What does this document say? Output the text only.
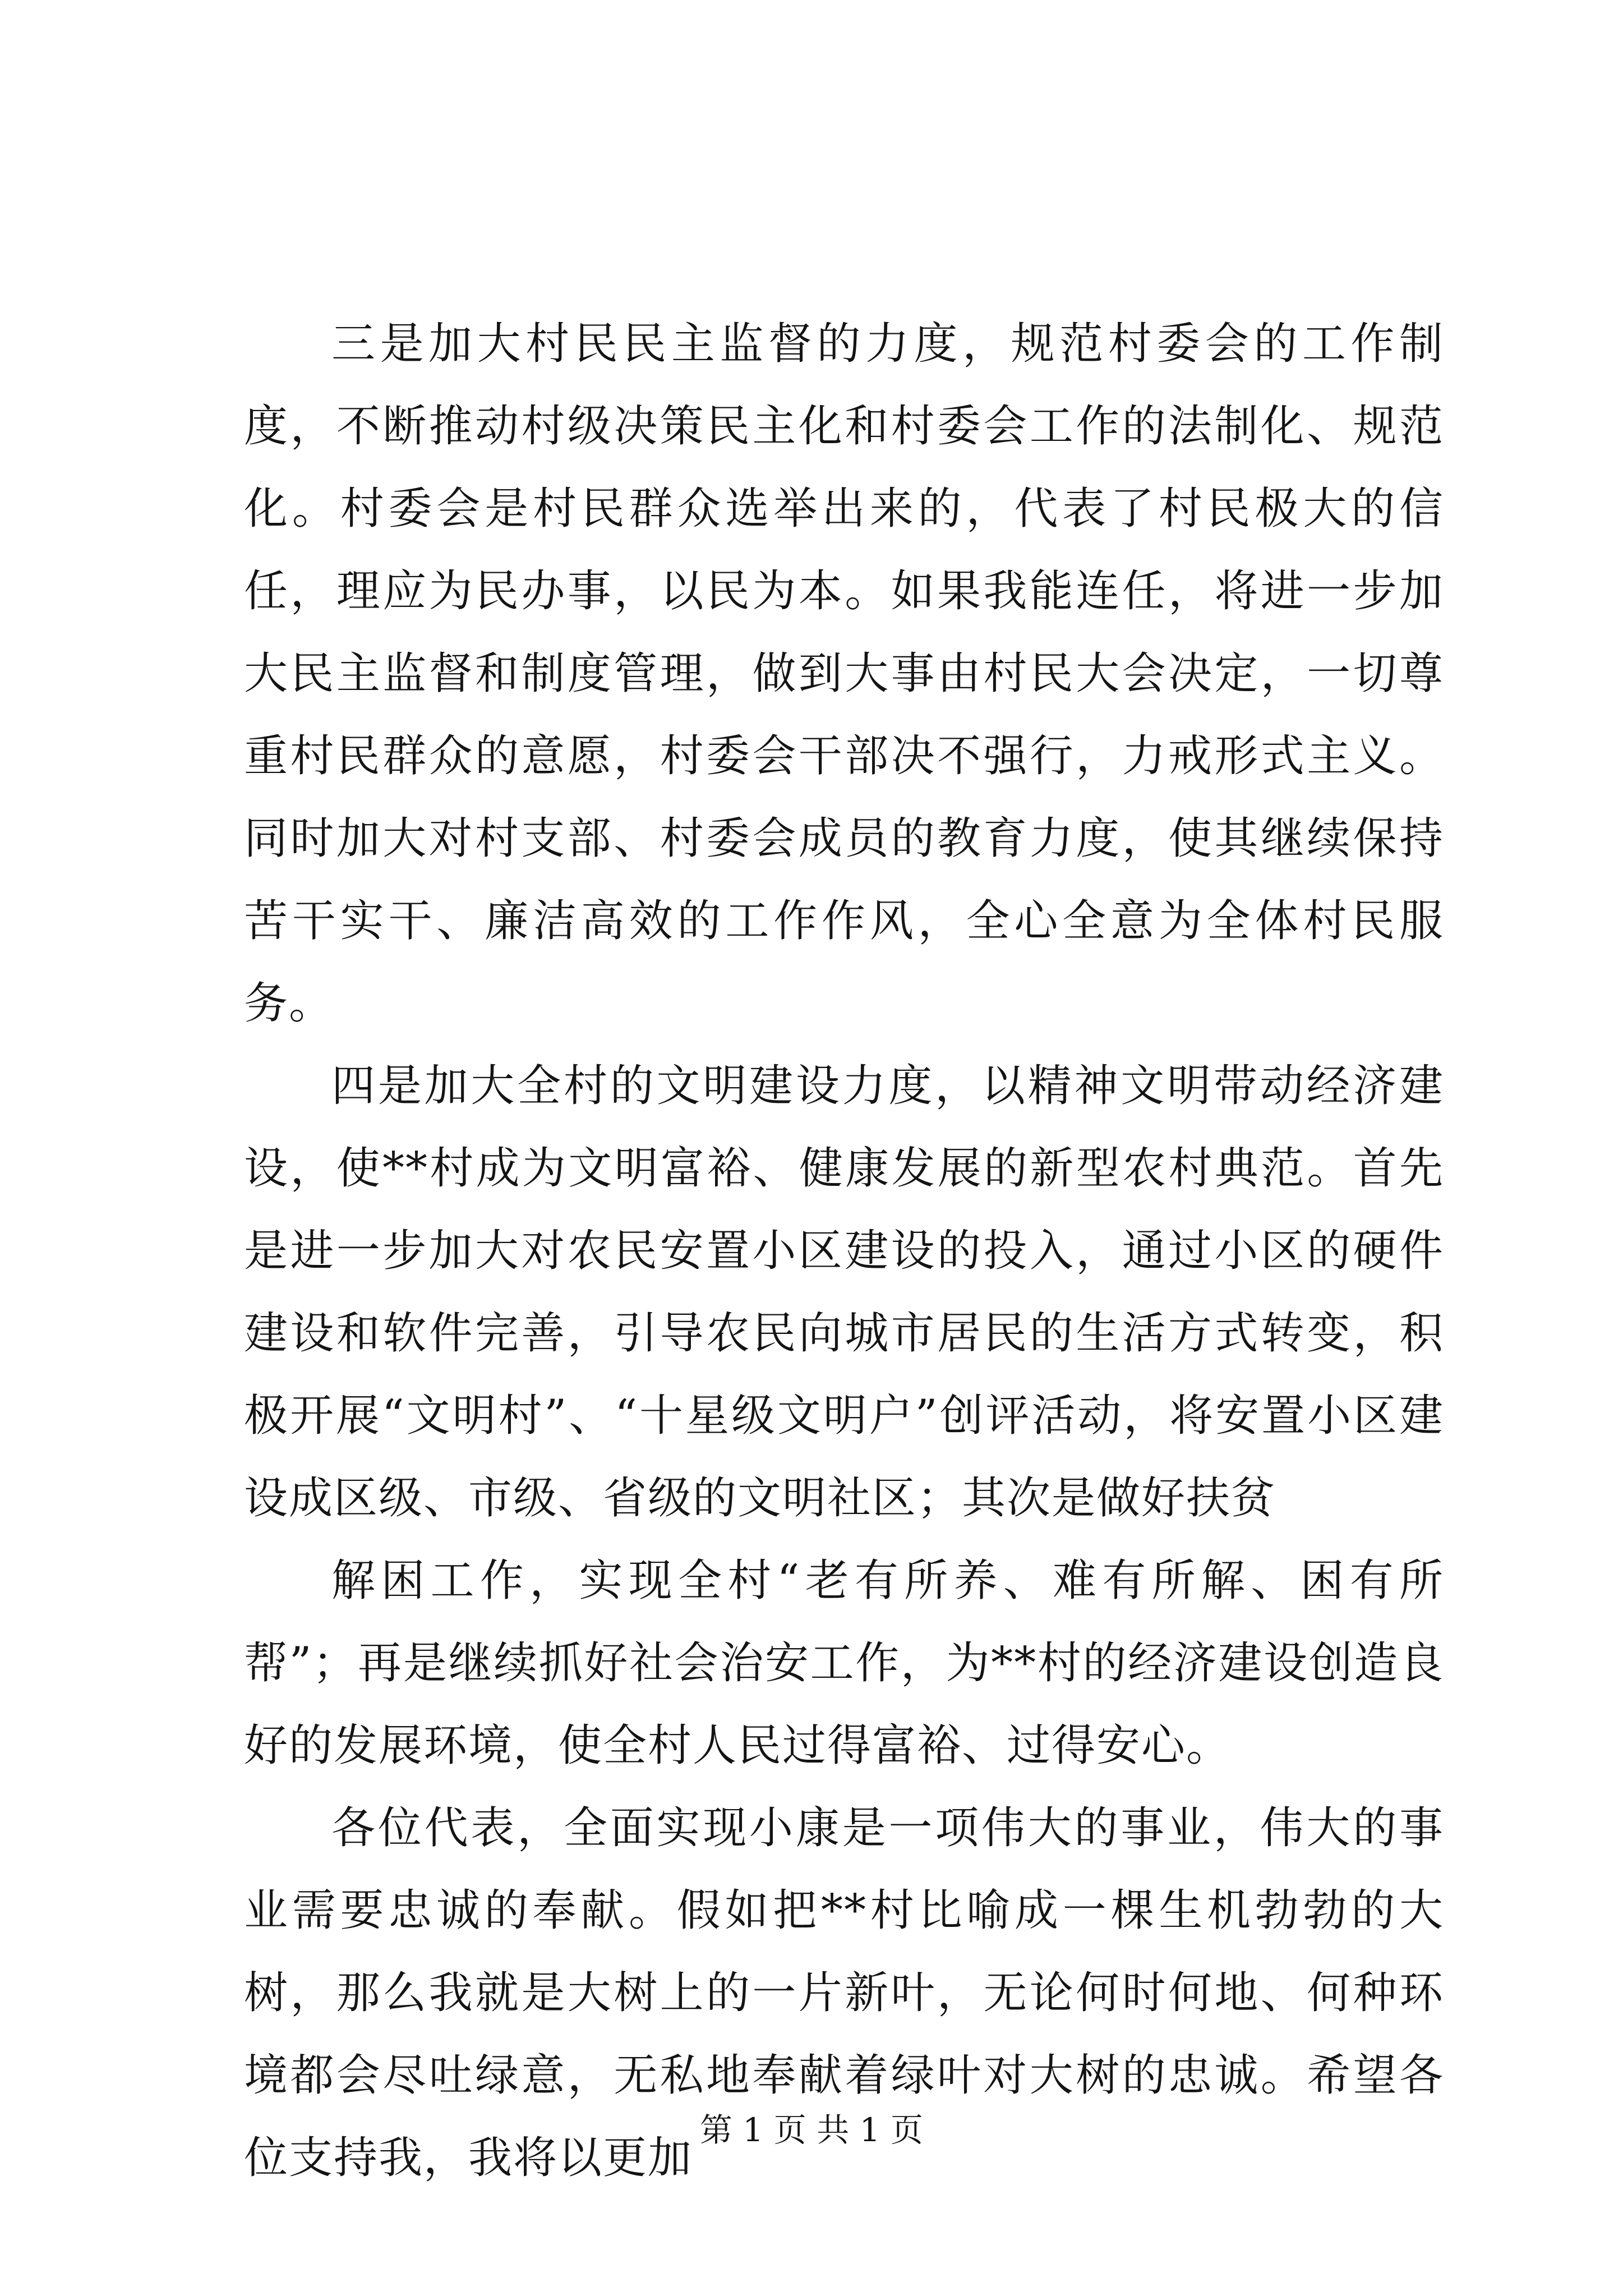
三是加大村民民主监督的力度，规范村委会的工作制度，不断推动村级决策民主化和村委会工作的法制化、规范化。村委会是村民群众选举出来的，代表了村民极大的信任，理应为民办事，以民为本。如果我能连任，将进一步加大民主监督和制度管理，做到大事由村民大会决定，一切尊重村民群众的意愿，村委会干部决不强行，力戒形式主义。同时加大对村支部、村委会成员的教育力度，使其继续保持苦干实干、廉洁高效的工作作风，全心全意为全体村民服务。

四是加大全村的文明建设力度，以精神文明带动经济建设，使**村成为文明富裕、健康发展的新型农村典范。首先是进一步加大对农民安置小区建设的投入，通过小区的硬件建设和软件完善，引导农民向城市居民的生活方式转变，积极开展“文明村”、“十星级文明户”创评活动，将安置小区建设成区级、市级、省级的文明社区；其次是做好扶贫

解困工作，实现全村“老有所养、难有所解、困有所帮”；再是继续抓好社会治安工作，为**村的经济建设创造良好的发展环境，使全村人民过得富裕、过得安心。

各位代表，全面实现小康是一项伟大的事业，伟大的事业需要忠诚的奉献。假如把**村比喻成一棵生机勃勃的大树，那么我就是大树上的一片新叶，无论何时何地、何种环境都会尽吐绿意，无私地奉献着绿叶对大树的忠诚。希望各位支持我，我将以更加

第 1 页 共 1 页
